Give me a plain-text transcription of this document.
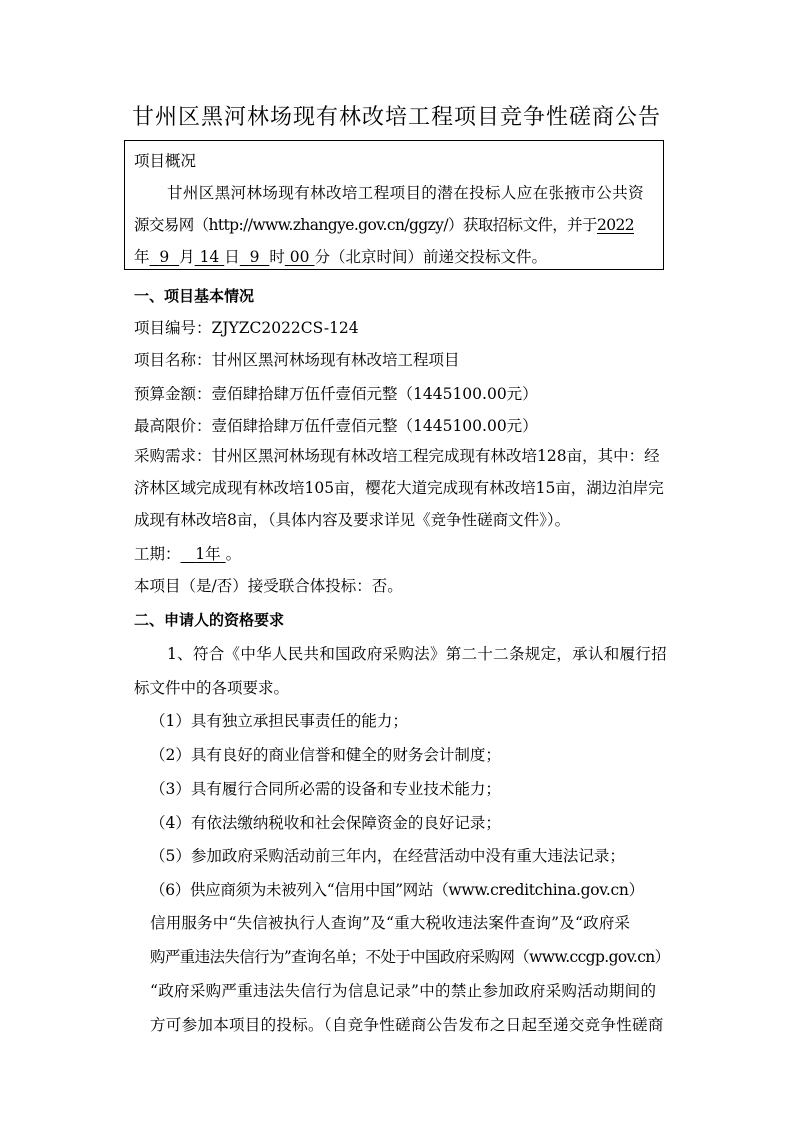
甘州区黑河林场现有林改培工程项目竞争性磋商公告
项目概况
甘州区黑河林场现有林改培工程项目的潜在投标人应在张掖市公共资
源交易网（http://www.zhangye.gov.cn/ggzy/）获取招标文件，并于2022
年 9 月 14 日 9 时 00 分（北京时间）前递交投标文件。
一、项目基本情况
项目编号：ZJYZC2022CS-124
项目名称：甘州区黑河林场现有林改培工程项目
预算金额：壹佰肆拾肆万伍仟壹佰元整（1445100.00元）
最高限价：壹佰肆拾肆万伍仟壹佰元整（1445100.00元）
采购需求：甘州区黑河林场现有林改培工程完成现有林改培128亩，其中：经
济林区域完成现有林改培105亩，樱花大道完成现有林改培15亩，湖边泊岸完
成现有林改培8亩，（具体内容及要求详见《竞争性磋商文件》）。
工期： 1年 。
本项目（是/否）接受联合体投标：否。
二、申请人的资格要求
1、符合《中华人民共和国政府采购法》第二十二条规定，承认和履行招
标文件中的各项要求。
（1）具有独立承担民事责任的能力；
（2）具有良好的商业信誉和健全的财务会计制度；
（3）具有履行合同所必需的设备和专业技术能力；
（4）有依法缴纳税收和社会保障资金的良好记录；
（5）参加政府采购活动前三年内，在经营活动中没有重大违法记录；
（6）供应商须为未被列入“信用中国”网站（www.creditchina.gov.cn）
信用服务中“失信被执行人查询”及“重大税收违法案件查询”及“政府采
购严重违法失信行为”查询名单；不处于中国政府采购网（www.ccgp.gov.cn）
“政府采购严重违法失信行为信息记录”中的禁止参加政府采购活动期间的
方可参加本项目的投标。（自竞争性磋商公告发布之日起至递交竞争性磋商
